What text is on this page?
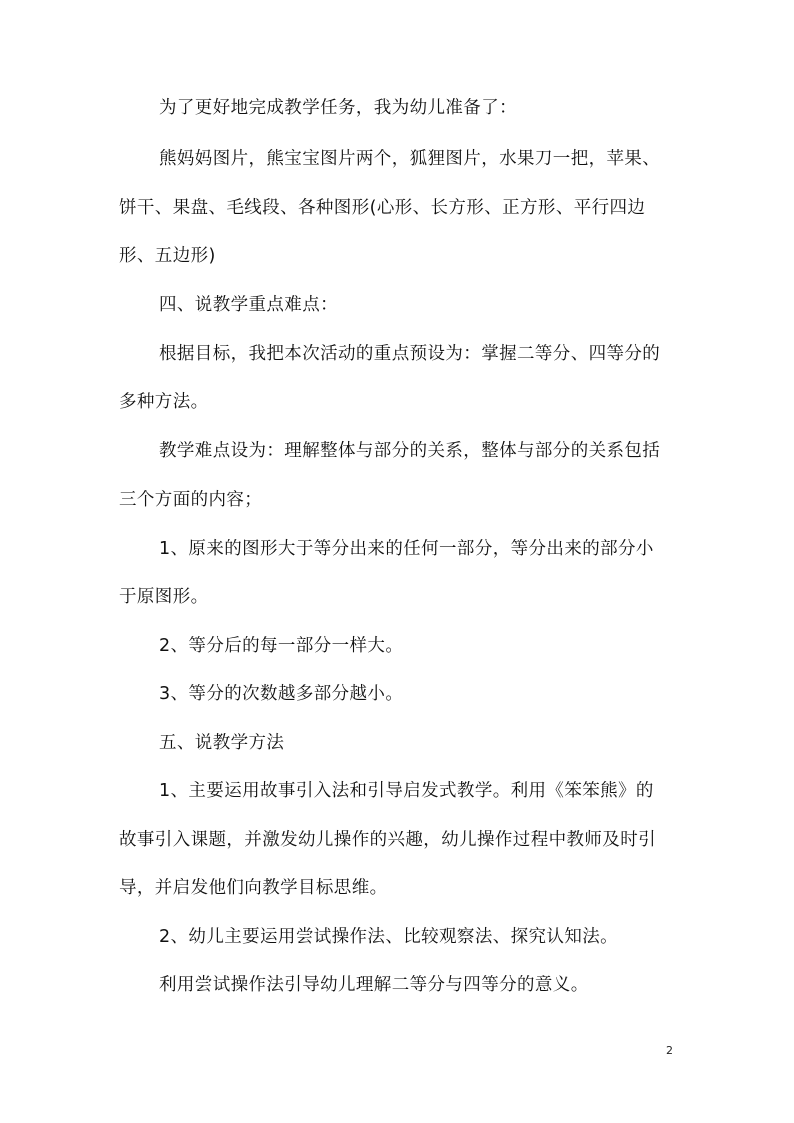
为了更好地完成教学任务，我为幼儿准备了：
熊妈妈图片，熊宝宝图片两个，狐狸图片，水果刀一把，苹果、
饼干、果盘、毛线段、各种图形(心形、长方形、正方形、平行四边
形、五边形)
四、说教学重点难点：
根据目标，我把本次活动的重点预设为：掌握二等分、四等分的
多种方法。
教学难点设为：理解整体与部分的关系，整体与部分的关系包括
三个方面的内容；
1、原来的图形大于等分出来的任何一部分，等分出来的部分小
于原图形。
2、等分后的每一部分一样大。
3、等分的次数越多部分越小。
五、说教学方法
1、主要运用故事引入法和引导启发式教学。利用《笨笨熊》的
故事引入课题，并激发幼儿操作的兴趣，幼儿操作过程中教师及时引
导，并启发他们向教学目标思维。
2、幼儿主要运用尝试操作法、比较观察法、探究认知法。
利用尝试操作法引导幼儿理解二等分与四等分的意义。
2
